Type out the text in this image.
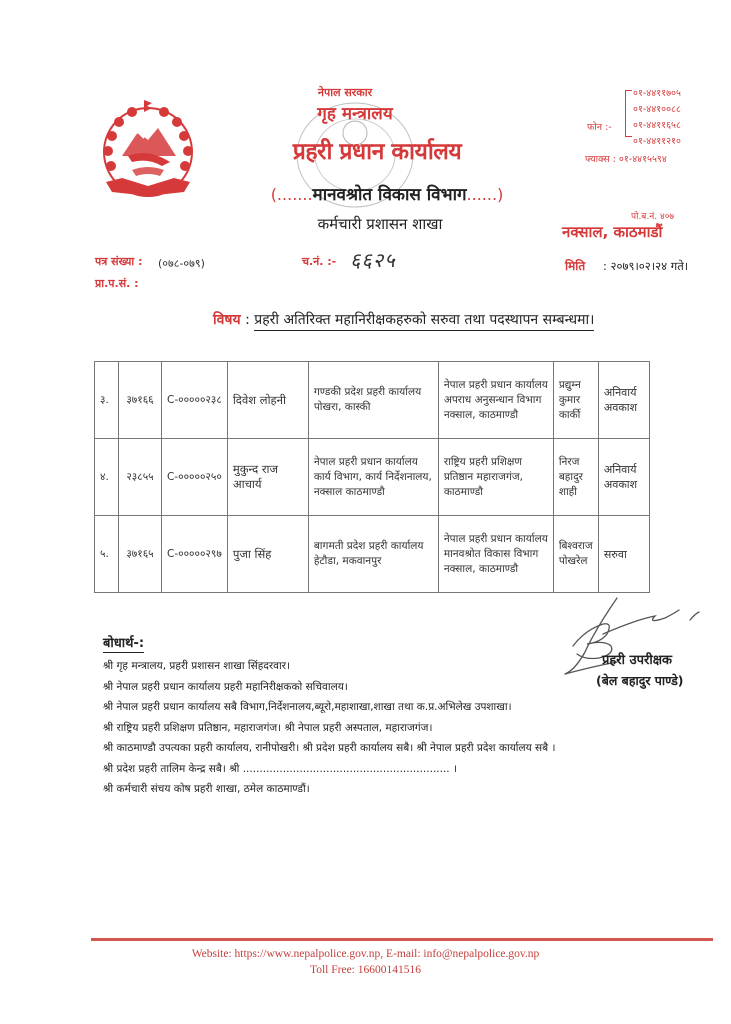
नेपाल सरकार
गृह मन्त्रालय
प्रहरी प्रधान कार्यालय
(.......मानवश्रोत विकास विभाग......)
कर्मचारी प्रशासन शाखा
फोन :-
०१-४४११७०५
०१-४४१००८८
०१-४४११६५८
०१-४४११२१०
फ्याक्स : ०१-४४१५५९४
पो.ब.नं. ४०७
नक्साल, काठमाडौं
पत्र संख्या : (०७८-०७९)
प्रा.प.सं. :
च.नं. :- ६६२५	मिति : २०७९।०२।२४ गते।
विषय : प्रहरी अतिरिक्त महानिरीक्षकहरुको सरुवा तथा पदस्थापन सम्बन्धमा।
३.	३७१६६	C-०००००२३८	दिवेश लोहनी	गण्डकी प्रदेश प्रहरी कार्यालय पोखरा, कास्की	नेपाल प्रहरी प्रधान कार्यालय अपराध अनुसन्धान विभाग नक्साल, काठमाण्डौ	प्रद्युम्न कुमार कार्की	अनिवार्य अवकाश
४.	२३८५५	C-०००००२५०	मुकुन्द राज आचार्य	नेपाल प्रहरी प्रधान कार्यालय कार्य विभाग, कार्य निर्देशनालय, नक्साल काठमाण्डौ	राष्ट्रिय प्रहरी प्रशिक्षण प्रतिष्ठान महाराजगंज, काठमाण्डौ	निरज बहादुर शाही	अनिवार्य अवकाश
५.	३७१६५	C-०००००२९७	पुजा सिंह	बागमती प्रदेश प्रहरी कार्यालय हेटौडा, मकवानपुर	नेपाल प्रहरी प्रधान कार्यालय मानवश्रोत विकास विभाग नक्साल, काठमाण्डौ	बिश्वराज पोखरेल	सरुवा
प्रहरी उपरीक्षक
(बेल बहादुर पाण्डे)
बोधार्थ-:
श्री गृह मन्त्रालय, प्रहरी प्रशासन शाखा सिंहदरवार।
श्री नेपाल प्रहरी प्रधान कार्यालय प्रहरी महानिरीक्षकको सचिवालय।
श्री नेपाल प्रहरी प्रधान कार्यालय सबै विभाग,निर्देशनालय,ब्यूरो,महाशाखा,शाखा तथा क.प्र.अभिलेख उपशाखा।
श्री राष्ट्रिय प्रहरी प्रशिक्षण प्रतिष्ठान, महाराजगंज। श्री नेपाल प्रहरी अस्पताल, महाराजगंज।
श्री काठमाण्डौ उपत्यका प्रहरी कार्यालय, रानीपोखरी। श्री प्रदेश प्रहरी कार्यालय सबै। श्री नेपाल प्रहरी प्रदेश कार्यालय सबै ।
श्री प्रदेश प्रहरी तालिम केन्द्र सबै। श्री .............................................................. ।
श्री कर्मचारी संचय कोष प्रहरी शाखा, ठमेल काठमाण्डौं।
Website: https://www.nepalpolice.gov.np, E-mail: info@nepalpolice.gov.np
Toll Free: 16600141516
